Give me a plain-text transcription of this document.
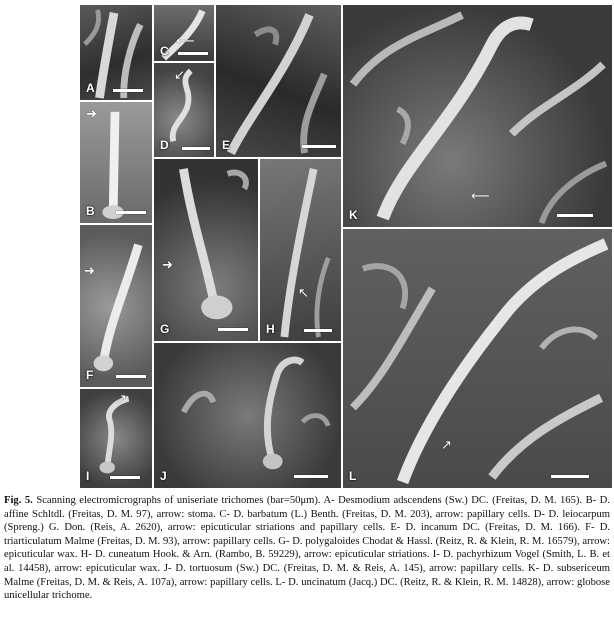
A
⟵
C
↙
D	E
⟵
K
➜
B
➜
G
↖
H
➜
F
↗
L
↗
I	J
Fig. 5. Scanning electromicrographs of uniseriate trichomes (bar=50μm). A- Desmodium adscendens (Sw.) DC. (Freitas, D. M. 165). B- D. affine Schltdl. (Freitas, D. M. 97), arrow: stoma. C- D. barbatum (L.) Benth. (Freitas, D. M. 203), arrow: papillary cells. D- D. leiocarpum (Spreng.) G. Don. (Reis, A. 2620), arrow: epicuticular striations and papillary cells. E- D. incanum DC. (Freitas, D. M. 166). F- D. triarticulatum Malme (Freitas, D. M. 93), arrow: papillary cells. G- D. polygaloides Chodat & Hassl. (Reitz, R. & Klein, R. M. 16579), arrow: epicuticular wax. H- D. cuneatum Hook. & Arn. (Rambo, B. 59229), arrow: epicuticular striations. I- D. pachyrhizum Vogel (Smith, L. B. et al. 14458), arrow: epicuticular wax. J- D. tortuosum (Sw.) DC. (Freitas, D. M. & Reis, A. 145), arrow: papillary cells. K- D. subsericeum Malme (Freitas, D. M. & Reis, A. 107a), arrow: papillary cells. L- D. uncinatum (Jacq.) DC. (Reitz, R. & Klein, R. M. 14828), arrow: globose unicellular trichome.
